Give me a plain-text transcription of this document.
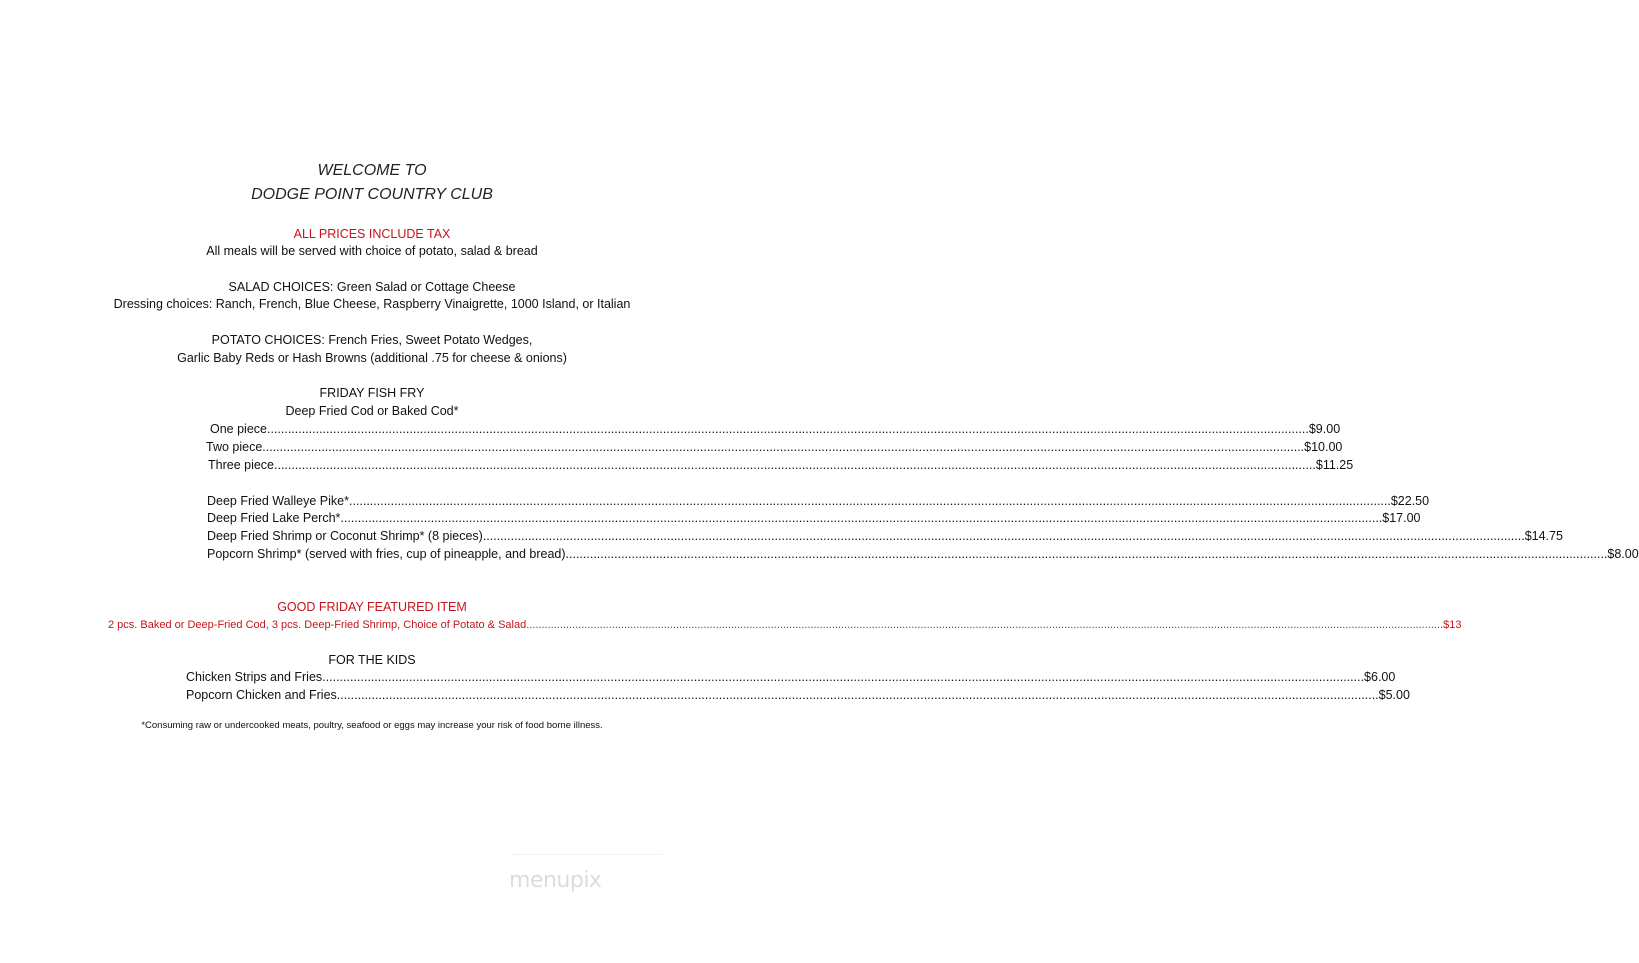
WELCOME TO
DODGE POINT COUNTRY CLUB
ALL PRICES INCLUDE TAX
All meals will be served with choice of potato, salad & bread
SALAD CHOICES: Green Salad or Cottage Cheese
Dressing choices: Ranch, French, Blue Cheese, Raspberry Vinaigrette, 1000 Island, or Italian
POTATO CHOICES: French Fries, Sweet Potato Wedges,
Garlic Baby Reds or Hash Browns (additional .75 for cheese & onions)
FRIDAY FISH FRY
Deep Fried Cod or Baked Cod*
One piece ............................................................................................................................................................................................................................................................................................................ $9.00
Two piece ............................................................................................................................................................................................................................................................................................................ $10.00
Three piece ............................................................................................................................................................................................................................................................................................................ $11.25
Deep Fried Walleye Pike* ............................................................................................................................................................................................................................................................................................................ $22.50
Deep Fried Lake Perch* ............................................................................................................................................................................................................................................................................................................ $17.00
Deep Fried Shrimp or Coconut Shrimp* (8 pieces) ............................................................................................................................................................................................................................................................................................................ $14.75
Popcorn Shrimp* (served with fries, cup of pineapple, and bread) ............................................................................................................................................................................................................................................................................................................ $8.00
GOOD FRIDAY FEATURED ITEM
2 pcs. Baked or Deep-Fried Cod, 3 pcs. Deep-Fried Shrimp, Choice of Potato & Salad ............................................................................................................................................................................................................................................................................................................ $13
FOR THE KIDS
Chicken Strips and Fries ............................................................................................................................................................................................................................................................................................................ $6.00
Popcorn Chicken and Fries ............................................................................................................................................................................................................................................................................................................ $5.00
*Consuming raw or undercooked meats, poultry, seafood or eggs may increase your risk of food borne illness.
menupix
